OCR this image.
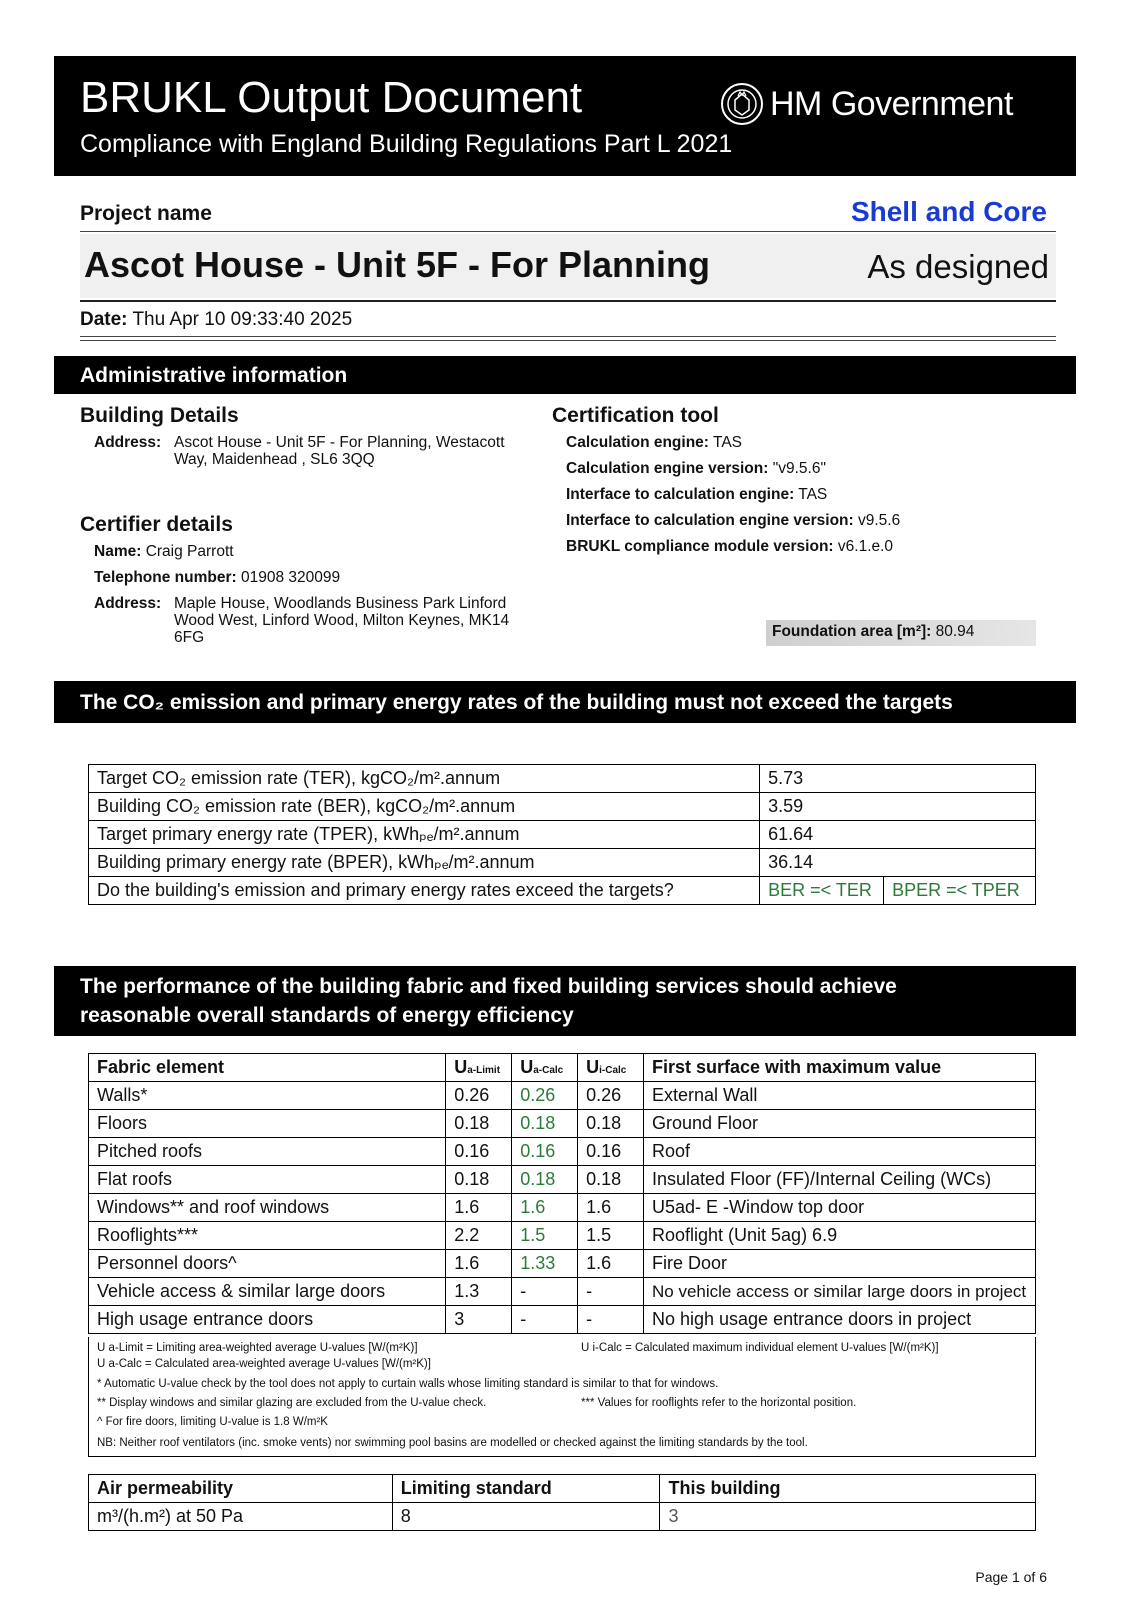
BRUKL Output Document
Compliance with England Building Regulations Part L 2021
HM Government
Project name	Shell and Core
Ascot House - Unit 5F - For Planning	As designed
Date: Thu Apr 10 09:33:40 2025
Administrative information
Building Details
Address: Ascot House - Unit 5F - For Planning, Westacott
Way, Maidenhead , SL6 3QQ
Certifier details
Name: Craig Parrott
Telephone number: 01908 320099
Address: Maple House, Woodlands Business Park Linford
Wood West, Linford Wood, Milton Keynes, MK14
6FG
Certification tool
Calculation engine: TAS
Calculation engine version: "v9.5.6"
Interface to calculation engine: TAS
Interface to calculation engine version: v9.5.6
BRUKL compliance module version: v6.1.e.0
Foundation area [m²]: 80.94
The CO₂ emission and primary energy rates of the building must not exceed the targets
Target CO₂ emission rate (TER), kgCO₂/m².annum	5.73	
Building CO₂ emission rate (BER), kgCO₂/m².annum	3.59	
Target primary energy rate (TPER), kWhₚₑ/m².annum	61.64	
Building primary energy rate (BPER), kWhₚₑ/m².annum	36.14	
Do the building's emission and primary energy rates exceed the targets?	BER =< TER	BPER =< TPER
The performance of the building fabric and fixed building services should achieve
reasonable overall standards of energy efficiency
Fabric element	Ua-Limit	Ua-Calc	Ui-Calc	First surface with maximum value
Walls*	0.26	0.26	0.26	External Wall
Floors	0.18	0.18	0.18	Ground Floor
Pitched roofs	0.16	0.16	0.16	Roof
Flat roofs	0.18	0.18	0.18	Insulated Floor (FF)/Internal Ceiling (WCs)
Windows** and roof windows	1.6	1.6	1.6	U5ad- E -Window top door
Rooflights***	2.2	1.5	1.5	Rooflight (Unit 5ag) 6.9
Personnel doors^	1.6	1.33	1.6	Fire Door
Vehicle access & similar large doors	1.3	-	-	No vehicle access or similar large doors in project
High usage entrance doors	3	-	-	No high usage entrance doors in project
U a-Limit = Limiting area-weighted average U-values [W/(m²K)]	U i-Calc = Calculated maximum individual element U-values [W/(m²K)]
U a-Calc = Calculated area-weighted average U-values [W/(m²K)]
* Automatic U-value check by the tool does not apply to curtain walls whose limiting standard is similar to that for windows.
** Display windows and similar glazing are excluded from the U-value check.	*** Values for rooflights refer to the horizontal position.
^ For fire doors, limiting U-value is 1.8 W/m²K
NB: Neither roof ventilators (inc. smoke vents) nor swimming pool basins are modelled or checked against the limiting standards by the tool.
Air permeability	Limiting standard	This building
m³/(h.m²) at 50 Pa	8	3
Page 1 of 6
